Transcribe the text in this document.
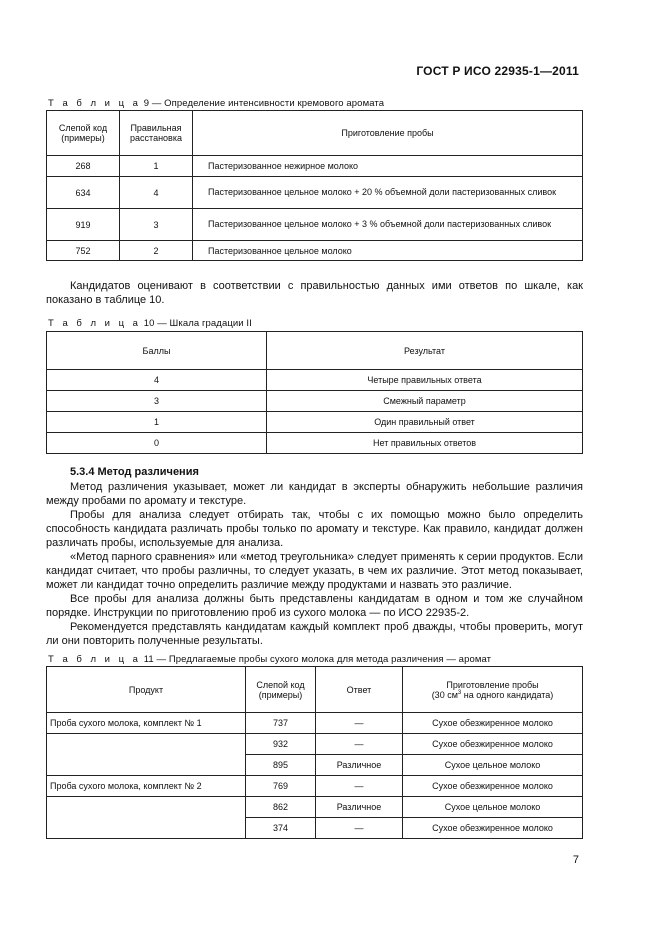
ГОСТ Р ИСО 22935-1—2011
Т а б л и ц а 9 — Определение интенсивности кремового аромата
Слепой код (примеры)	Правильная расстановка	Приготовление пробы
268	1	Пастеризованное нежирное молоко
634	4	Пастеризованное цельное молоко + 20 % объемной доли пастеризованных сливок
919	3	Пастеризованное цельное молоко + 3 % объемной доли пастеризованных сливок
752	2	Пастеризованное цельное молоко

Кандидатов оценивают в соответствии с правильностью данных ими ответов по шкале, как показано в таблице 10.

Т а б л и ц а 10 — Шкала градации II
Баллы	Результат
4	Четыре правильных ответа
3	Смежный параметр
1	Один правильный ответ
0	Нет правильных ответов

5.3.4 Метод различения

Метод различения указывает, может ли кандидат в эксперты обнаружить небольшие различия между пробами по аромату и текстуре.

Пробы для анализа следует отбирать так, чтобы с их помощью можно было определить способность кандидата различать пробы только по аромату и текстуре. Как правило, кандидат должен различать пробы, используемые для анализа.

«Метод парного сравнения» или «метод треугольника» следует применять к серии продуктов. Если кандидат считает, что пробы различны, то следует указать, в чем их различие. Этот метод показывает, может ли кандидат точно определить различие между продуктами и назвать это различие.

Все пробы для анализа должны быть представлены кандидатам в одном и том же случайном порядке. Инструкции по приготовлению проб из сухого молока — по ИСО 22935-2.

Рекомендуется представлять кандидатам каждый комплект проб дважды, чтобы проверить, могут ли они повторить полученные результаты.

Т а б л и ц а 11 — Предлагаемые пробы сухого молока для метода различения — аромат
Продукт	Слепой код (примеры)	Ответ	Приготовление пробы
(30 $см^3$ на одного кандидата)

Проба сухого молока, комплект № 1	737	—	Сухое обезжиренное молоко
	932	—	Сухое обезжиренное молоко
	895	Различное	Сухое цельное молоко
Проба сухого молока, комплект № 2	769	—	Сухое обезжиренное молоко
	862	Различное	Сухое цельное молоко
	374	—	Сухое обезжиренное молоко
7
